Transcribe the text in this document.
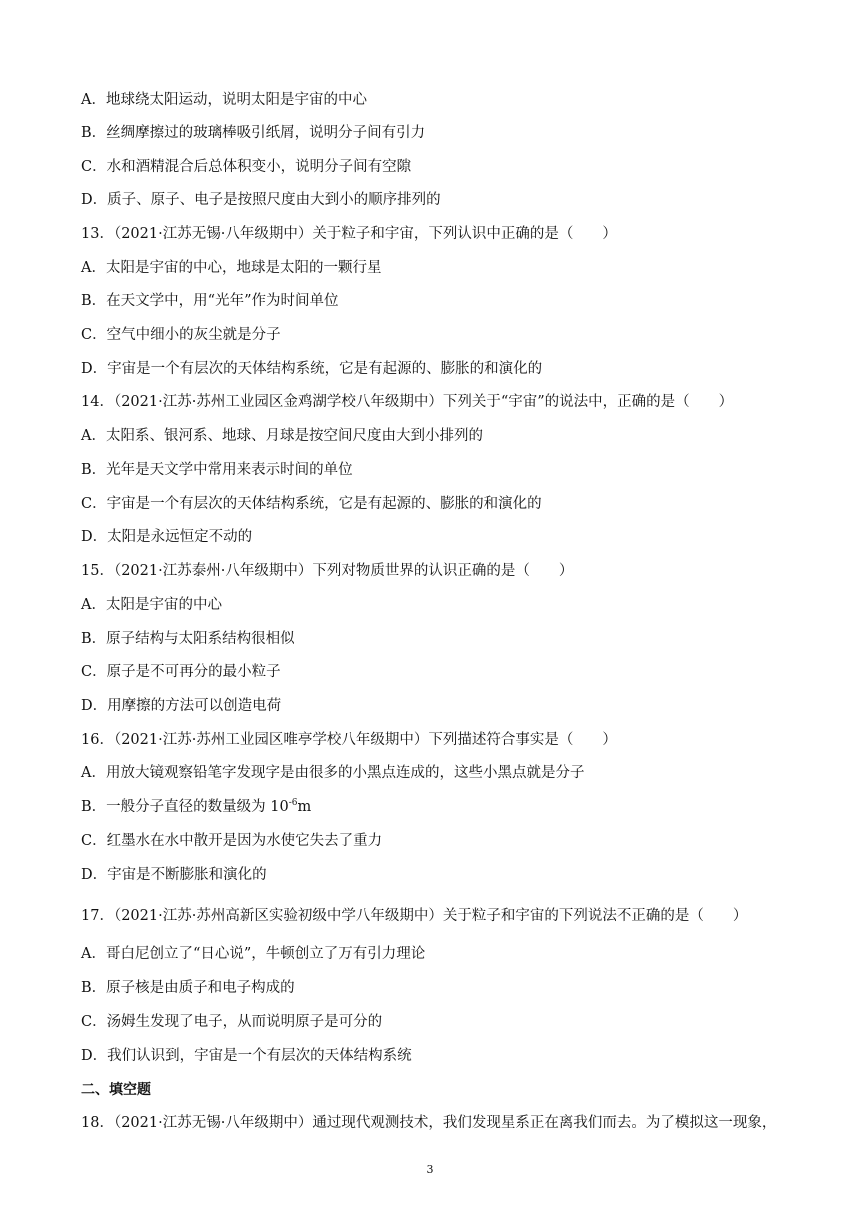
A．地球绕太阳运动，说明太阳是宇宙的中心
B．丝绸摩擦过的玻璃棒吸引纸屑，说明分子间有引力
C．水和酒精混合后总体积变小，说明分子间有空隙
D．质子、原子、电子是按照尺度由大到小的顺序排列的
13．（2021·江苏无锡·八年级期中）关于粒子和宇宙，下列认识中正确的是（　　）
A．太阳是宇宙的中心，地球是太阳的一颗行星
B．在天文学中，用“光年”作为时间单位
C．空气中细小的灰尘就是分子
D．宇宙是一个有层次的天体结构系统，它是有起源的、膨胀的和演化的
14．（2021·江苏·苏州工业园区金鸡湖学校八年级期中）下列关于“宇宙”的说法中，正确的是（　　）
A．太阳系、银河系、地球、月球是按空间尺度由大到小排列的
B．光年是天文学中常用来表示时间的单位
C．宇宙是一个有层次的天体结构系统，它是有起源的、膨胀的和演化的
D．太阳是永远恒定不动的
15．（2021·江苏泰州·八年级期中）下列对物质世界的认识正确的是（　　）
A．太阳是宇宙的中心
B．原子结构与太阳系结构很相似
C．原子是不可再分的最小粒子
D．用摩擦的方法可以创造电荷
16．（2021·江苏·苏州工业园区唯亭学校八年级期中）下列描述符合事实是（　　）
A．用放大镜观察铅笔字发现字是由很多的小黑点连成的，这些小黑点就是分子
B．一般分子直径的数量级为 $10^{-6}m$
C．红墨水在水中散开是因为水使它失去了重力
D．宇宙是不断膨胀和演化的
17．（2021·江苏·苏州高新区实验初级中学八年级期中）关于粒子和宇宙的下列说法不正确的是（　　）
A．哥白尼创立了“日心说”，牛顿创立了万有引力理论
B．原子核是由质子和电子构成的
C．汤姆生发现了电子，从而说明原子是可分的
D．我们认识到，宇宙是一个有层次的天体结构系统
二、填空题
18．（2021·江苏无锡·八年级期中）通过现代观测技术，我们发现星系正在离我们而去。为了模拟这一现象，
3
